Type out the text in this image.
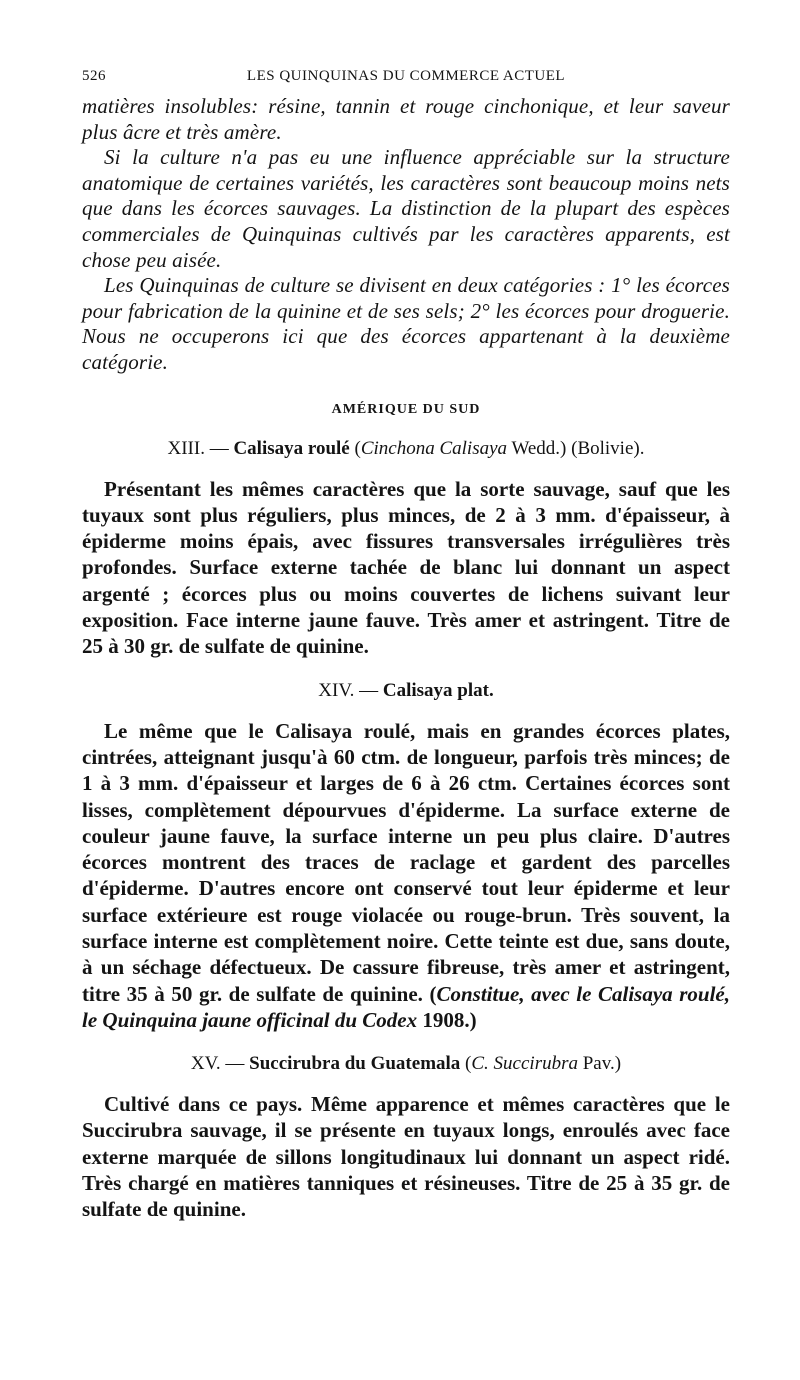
526	LES QUINQUINAS DU COMMERCE ACTUEL

matières insolubles: résine, tannin et rouge cinchonique, et leur saveur plus âcre et très amère.

Si la culture n'a pas eu une influence appréciable sur la structure anatomique de certaines variétés, les caractères sont beaucoup moins nets que dans les écorces sauvages. La distinction de la plupart des espèces commerciales de Quinquinas cultivés par les caractères apparents, est chose peu aisée.

Les Quinquinas de culture se divisent en deux catégories : 1° les écorces pour fabrication de la quinine et de ses sels; 2° les écorces pour droguerie. Nous ne occuperons ici que des écorces appartenant à la deuxième catégorie.

AMÉRIQUE DU SUD
XIII. — Calisaya roulé (Cinchona Calisaya Wedd.) (Bolivie).

Présentant les mêmes caractères que la sorte sauvage, sauf que les tuyaux sont plus réguliers, plus minces, de 2 à 3 mm. d'épaisseur, à épiderme moins épais, avec fissures transversales irrégulières très profondes. Surface externe tachée de blanc lui donnant un aspect argenté ; écorces plus ou moins couvertes de lichens suivant leur exposition. Face interne jaune fauve. Très amer et astringent. Titre de 25 à 30 gr. de sulfate de quinine.

XIV. — Calisaya plat.

Le même que le Calisaya roulé, mais en grandes écorces plates, cintrées, atteignant jusqu'à 60 ctm. de longueur, parfois très minces; de 1 à 3 mm. d'épaisseur et larges de 6 à 26 ctm. Certaines écorces sont lisses, complètement dépourvues d'épiderme. La surface externe de couleur jaune fauve, la surface interne un peu plus claire. D'autres écorces montrent des traces de raclage et gardent des parcelles d'épiderme. D'autres encore ont conservé tout leur épiderme et leur surface extérieure est rouge violacée ou rouge-brun. Très souvent, la surface interne est complètement noire. Cette teinte est due, sans doute, à un séchage défectueux. De cassure fibreuse, très amer et astringent, titre 35 à 50 gr. de sulfate de quinine. (Constitue, avec le Calisaya roulé, le Quinquina jaune officinal du Codex 1908.)

XV. — Succirubra du Guatemala (C. Succirubra Pav.)

Cultivé dans ce pays. Même apparence et mêmes caractères que le Succirubra sauvage, il se présente en tuyaux longs, enroulés avec face externe marquée de sillons longitudinaux lui donnant un aspect ridé. Très chargé en matières tanniques et résineuses. Titre de 25 à 35 gr. de sulfate de quinine.
